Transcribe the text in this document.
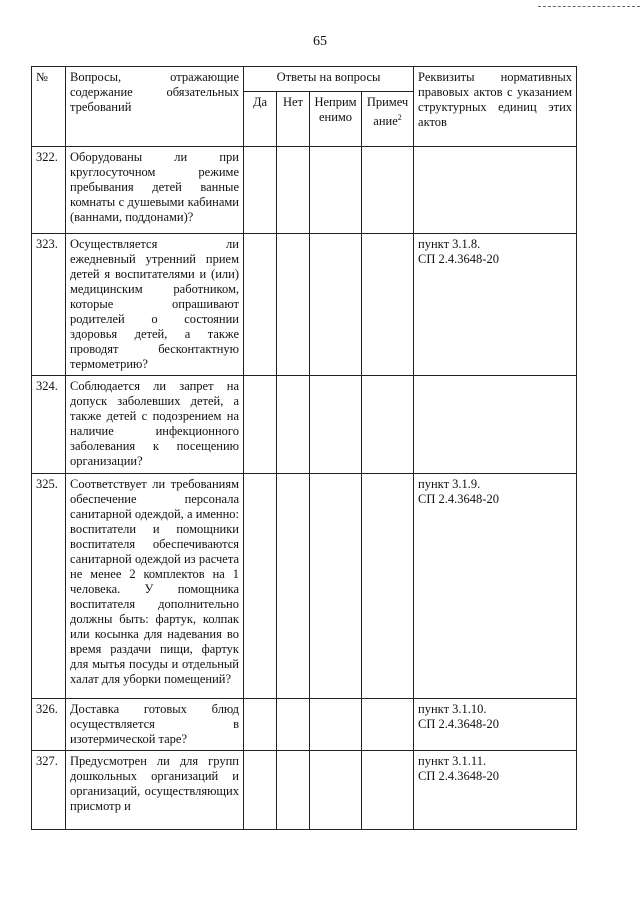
65
№	Вопросы, отражающие содержание обязательных требований	Ответы на вопросы				Реквизиты нормативных правовых актов с указанием структурных единиц этих актов
		Да	Нет	Неприм енимо	Примеч ание$^2$
322.	Оборудованы ли при круглосуточном режиме пребывания детей ванные комнаты с душевыми кабинами (ваннами, поддонами)?					

323.	Осуществляется ли ежедневный утренний прием детей я воспитателями и (или) медицинским работником, которые опрашивают родителей о состоянии здоровья детей, а также проводят бесконтактную термометрию?					пункт 3.1.8.
СП 2.4.3648-20

324.	Соблюдается ли запрет на допуск заболевших детей, а также детей с подозрением на наличие инфекционного заболевания к посещению организации?					

325.	Соответствует ли требованиям обеспечение персонала санитарной одеждой, а именно: воспитатели и помощники воспитателя обеспечиваются санитарной одеждой из расчета не менее 2 комплектов на 1 человека. У помощника воспитателя дополнительно должны быть: фартук, колпак или косынка для надевания во время раздачи пищи, фартук для мытья посуды и отдельный халат для уборки помещений?					пункт 3.1.9.
СП 2.4.3648-20

326.	Доставка готовых блюд осуществляется в изотермической таре?					пункт 3.1.10.
СП 2.4.3648-20

327.	Предусмотрен ли для групп дошкольных организаций и организаций, осуществляющих присмотр и					пункт 3.1.11.
СП 2.4.3648-20
